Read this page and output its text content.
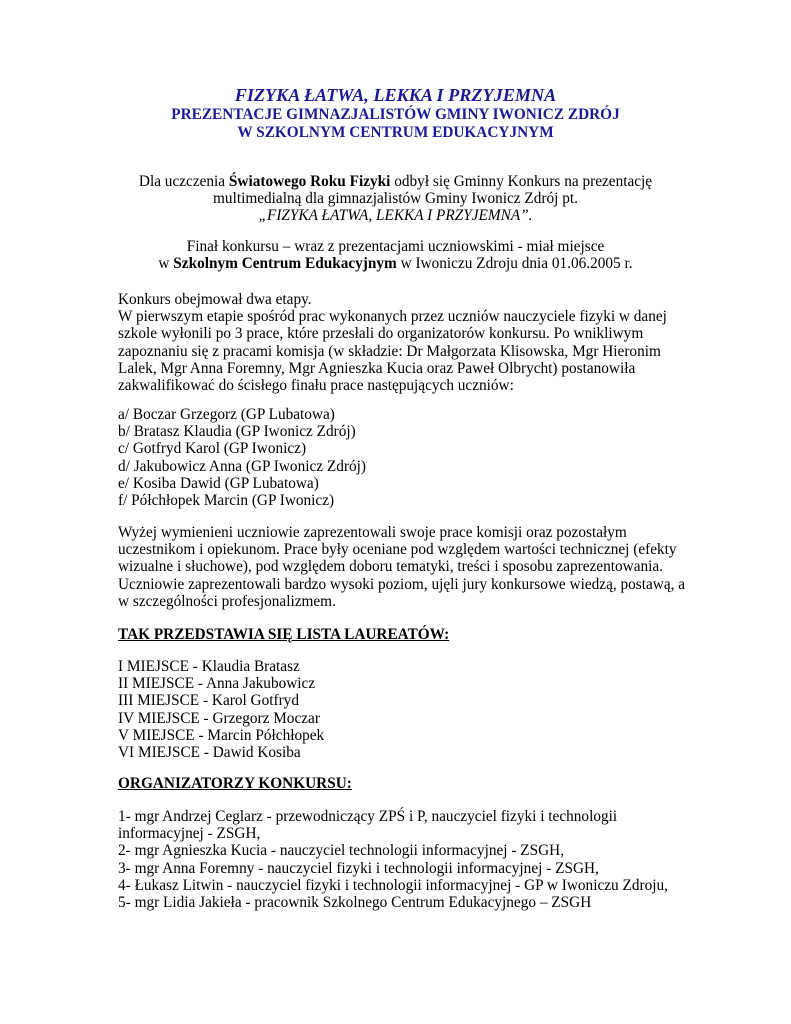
FIZYKA ŁATWA, LEKKA I PRZYJEMNA
PREZENTACJE GIMNAZJALISTÓW GMINY IWONICZ ZDRÓJ
W SZKOLNYM CENTRUM EDUKACYJNYM
Dla uczczenia Światowego Roku Fizyki odbył się Gminny Konkurs na prezentację
multimedialną dla gimnazjalistów Gminy Iwonicz Zdrój pt.
„FIZYKA ŁATWA, LEKKA I PRZYJEMNA”.
Finał konkursu – wraz z prezentacjami uczniowskimi - miał miejsce
w Szkolnym Centrum Edukacyjnym w Iwoniczu Zdroju dnia 01.06.2005 r.
Konkurs obejmował dwa etapy.
W pierwszym etapie spośród prac wykonanych przez uczniów nauczyciele fizyki w danej
szkole wyłonili po 3 prace, które przesłali do organizatorów konkursu. Po wnikliwym
zapoznaniu się z pracami komisja (w składzie: Dr Małgorzata Klisowska, Mgr Hieronim
Lalek, Mgr Anna Foremny, Mgr Agnieszka Kucia oraz Paweł Olbrycht) postanowiła
zakwalifikować do ścisłego finału prace następujących uczniów:
a/ Boczar Grzegorz (GP Lubatowa)
b/ Bratasz Klaudia (GP Iwonicz Zdrój)
c/ Gotfryd Karol (GP Iwonicz)
d/ Jakubowicz Anna (GP Iwonicz Zdrój)
e/ Kosiba Dawid (GP Lubatowa)
f/ Półchłopek Marcin (GP Iwonicz)
Wyżej wymienieni uczniowie zaprezentowali swoje prace komisji oraz pozostałym
uczestnikom i opiekunom. Prace były oceniane pod względem wartości technicznej (efekty
wizualne i słuchowe), pod względem doboru tematyki, treści i sposobu zaprezentowania.
Uczniowie zaprezentowali bardzo wysoki poziom, ujęli jury konkursowe wiedzą, postawą, a
w szczególności profesjonalizmem.
TAK PRZEDSTAWIA SIĘ LISTA LAUREATÓW:
I MIEJSCE - Klaudia Bratasz
II MIEJSCE - Anna Jakubowicz
III MIEJSCE - Karol Gotfryd
IV MIEJSCE - Grzegorz Moczar
V MIEJSCE - Marcin Półchłopek
VI MIEJSCE - Dawid Kosiba
ORGANIZATORZY KONKURSU:
1- mgr Andrzej Ceglarz - przewodniczący ZPŚ i P, nauczyciel fizyki i technologii
informacyjnej - ZSGH,
2- mgr Agnieszka Kucia - nauczyciel technologii informacyjnej - ZSGH,
3- mgr Anna Foremny - nauczyciel fizyki i technologii informacyjnej - ZSGH,
4- Łukasz Litwin - nauczyciel fizyki i technologii informacyjnej - GP w Iwoniczu Zdroju,
5- mgr Lidia Jakieła - pracownik Szkolnego Centrum Edukacyjnego – ZSGH
